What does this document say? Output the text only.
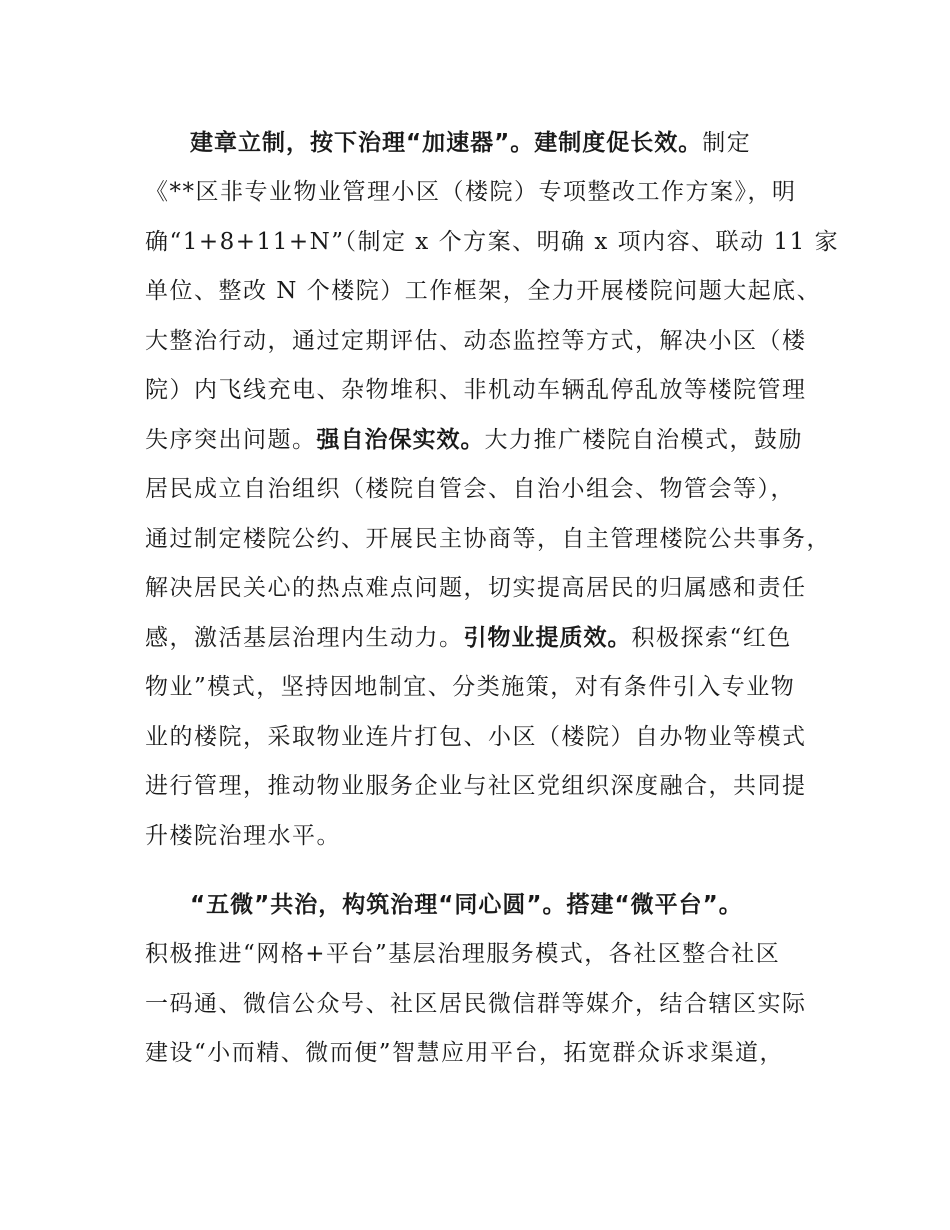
建章立制，按下治理“加速器”。建制度促长效。制定
《**区非专业物业管理小区（楼院）专项整改工作方案》，明
确“1+8+11+N”（制定 x 个方案、明确 x 项内容、联动 11 家
单位、整改 N 个楼院）工作框架，全力开展楼院问题大起底、
大整治行动，通过定期评估、动态监控等方式，解决小区（楼
院）内飞线充电、杂物堆积、非机动车辆乱停乱放等楼院管理
失序突出问题。强自治保实效。大力推广楼院自治模式，鼓励
居民成立自治组织（楼院自管会、自治小组会、物管会等），
通过制定楼院公约、开展民主协商等，自主管理楼院公共事务，
解决居民关心的热点难点问题，切实提高居民的归属感和责任
感，激活基层治理内生动力。引物业提质效。积极探索“红色
物业”模式，坚持因地制宜、分类施策，对有条件引入专业物
业的楼院，采取物业连片打包、小区（楼院）自办物业等模式
进行管理，推动物业服务企业与社区党组织深度融合，共同提
升楼院治理水平。
“五微”共治，构筑治理“同心圆”。搭建“微平台”。
积极推进“网格+平台”基层治理服务模式，各社区整合社区
一码通、微信公众号、社区居民微信群等媒介，结合辖区实际
建设“小而精、微而便”智慧应用平台，拓宽群众诉求渠道，
